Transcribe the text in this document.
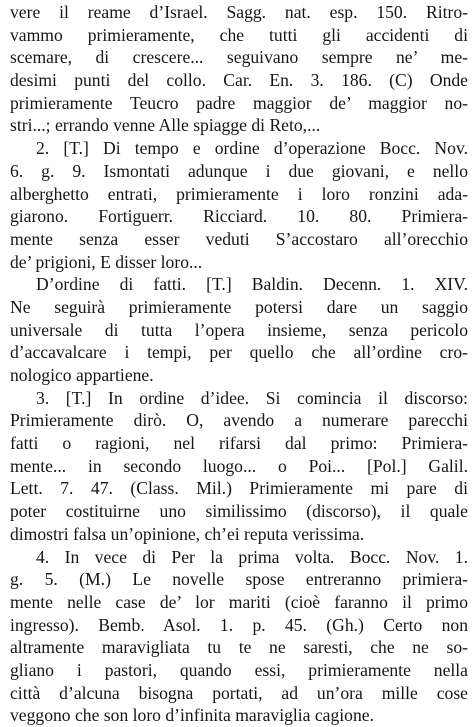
vere il reame d’Israel. Sagg. nat. esp. 150. Ritro-
vammo primieramente, che tutti gli accidenti di
scemare, di crescere... seguivano sempre ne’ me-
desimi punti del collo. Car. En. 3. 186. (C) Onde
primieramente Teucro padre maggior de’ maggior no-
stri...; errando venne Alle spiagge di Reto,...
2. [T.] Di tempo e ordine d’operazione Bocc. Nov.
6. g. 9. Ismontati adunque i due giovani, e nello
alberghetto entrati, primieramente i loro ronzini ada-
giarono. Fortiguerr. Ricciard. 10. 80. Primiera-
mente senza esser veduti S’accostaro all’orecchio
de’ prigioni, E disser loro...
D’ordine di fatti. [T.] Baldin. Decenn. 1. XIV.
Ne seguirà primieramente potersi dare un saggio
universale di tutta l’opera insieme, senza pericolo
d’accavalcare i tempi, per quello che all’ordine cro-
nologico appartiene.
3. [T.] In ordine d’idee. Si comincia il discorso:
Primieramente dirò. O, avendo a numerare parecchi
fatti o ragioni, nel rifarsi dal primo: Primiera-
mente... in secondo luogo... o Poi... [Pol.] Galil.
Lett. 7. 47. (Class. Mil.) Primieramente mi pare di
poter costituirne uno similissimo (discorso), il quale
dimostri falsa un’opinione, ch’ei reputa verissima.
4. In vece di Per la prima volta. Bocc. Nov. 1.
g. 5. (M.) Le novelle spose entreranno primiera-
mente nelle case de’ lor mariti (cioè faranno il primo
ingresso). Bemb. Asol. 1. p. 45. (Gh.) Certo non
altramente maravigliata tu te ne saresti, che ne so-
gliano i pastori, quando essi, primieramente nella
città d’alcuna bisogna portati, ad un’ora mille cose
veggono che son loro d’infinita maraviglia cagione.
